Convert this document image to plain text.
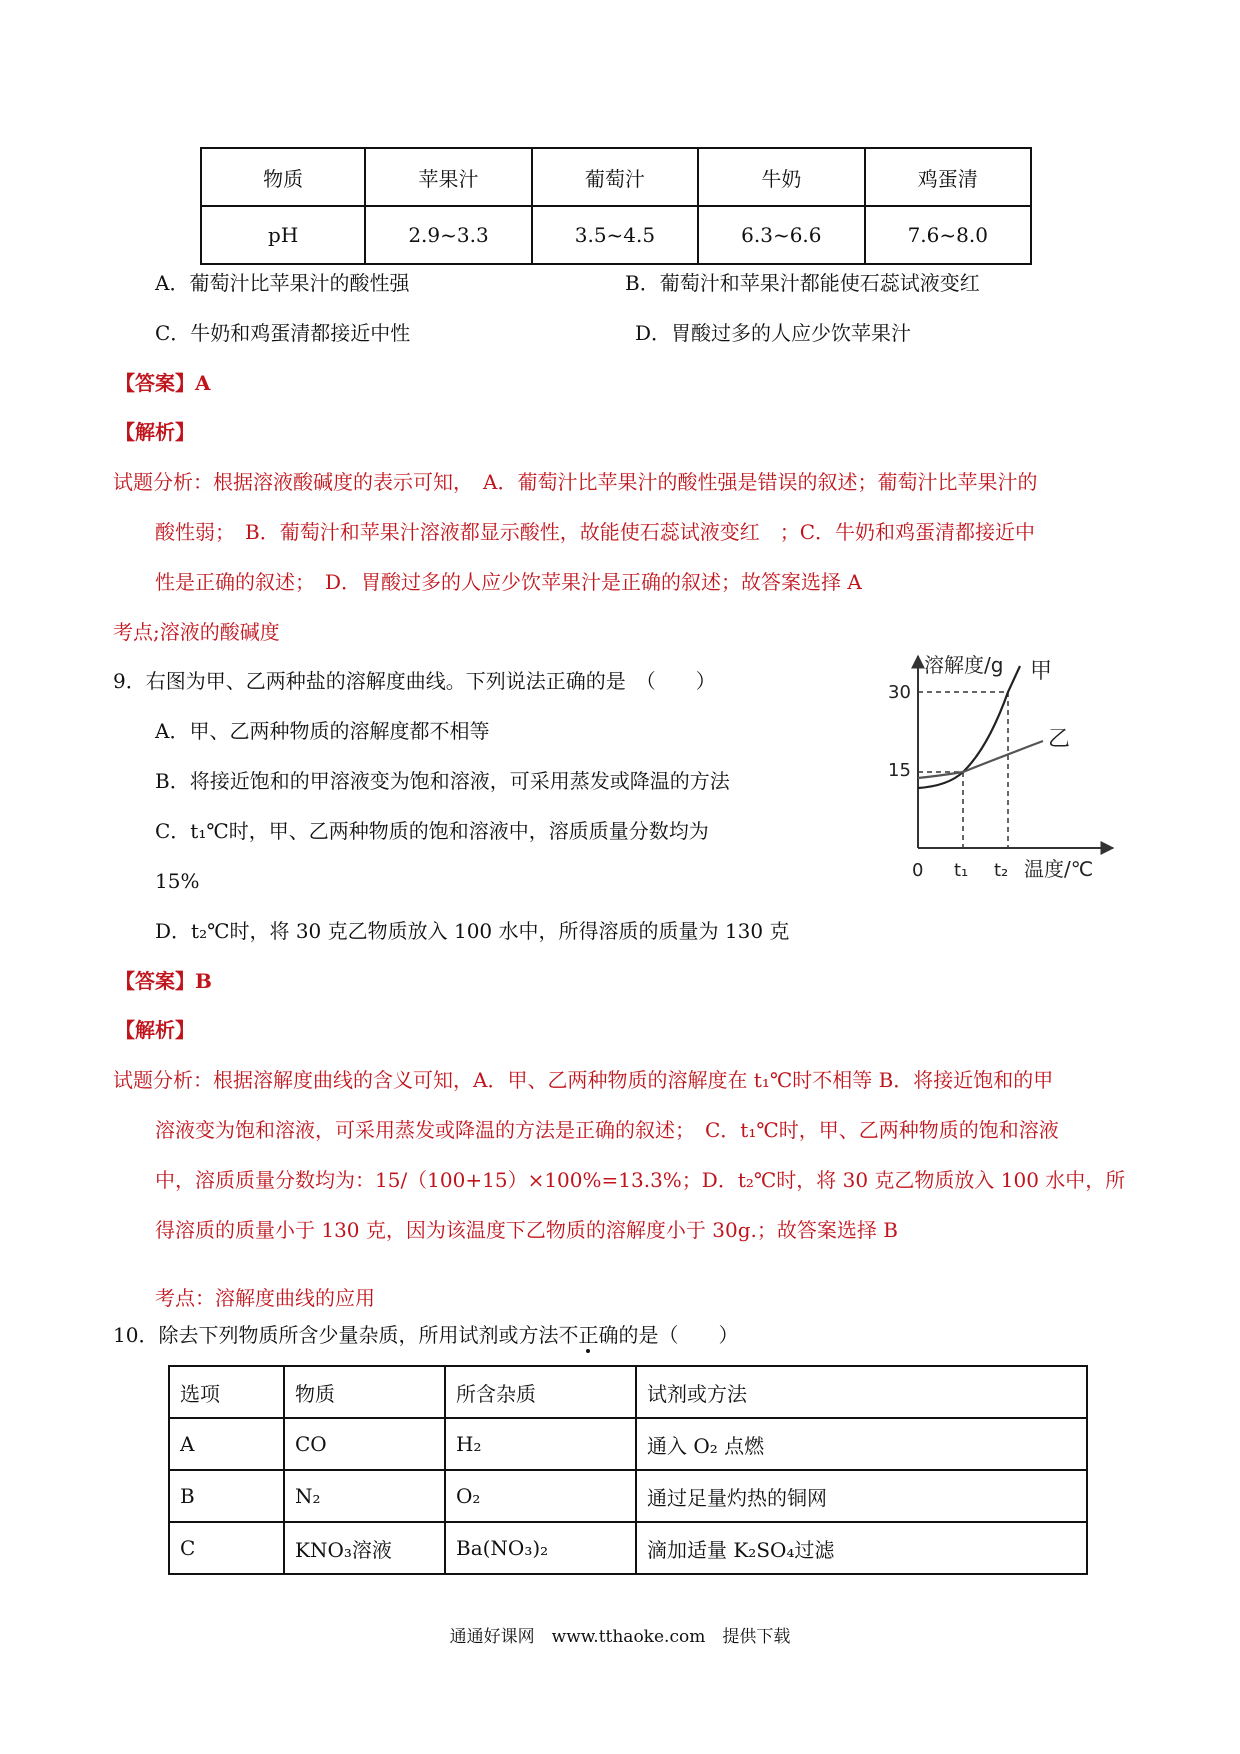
物质	苹果汁	葡萄汁	牛奶	鸡蛋清
pH	2.9~3.3	3.5~4.5	6.3~6.6	7.6~8.0
A．葡萄汁比苹果汁的酸性强	B．葡萄汁和苹果汁都能使石蕊试液变红
C．牛奶和鸡蛋清都接近中性	D．胃酸过多的人应少饮苹果汁
【答案】A
【解析】
试题分析：根据溶液酸碱度的表示可知，　A．葡萄汁比苹果汁的酸性强是错误的叙述；葡萄汁比苹果汁的
酸性弱；　B．葡萄汁和苹果汁溶液都显示酸性，故能使石蕊试液变红　；C．牛奶和鸡蛋清都接近中
性是正确的叙述；　D．胃酸过多的人应少饮苹果汁是正确的叙述；故答案选择 A
考点;溶液的酸碱度
9．右图为甲、乙两种盐的溶解度曲线。下列说法正确的是　（　　）
A．甲、乙两种物质的溶解度都不相等
B．将接近饱和的甲溶液变为饱和溶液，可采用蒸发或降温的方法
C．t₁℃时，甲、乙两种物质的饱和溶液中，溶质质量分数均为
15%
D．t₂℃时，将 30 克乙物质放入 100 水中，所得溶质的质量为 130 克
溶解度/g
温度/℃
30
15
0 t₁ t₂
甲
乙
【答案】B
【解析】
试题分析：根据溶解度曲线的含义可知，A．甲、乙两种物质的溶解度在 t₁℃时不相等 B．将接近饱和的甲
溶液变为饱和溶液，可采用蒸发或降温的方法是正确的叙述；　C．t₁℃时，甲、乙两种物质的饱和溶液
中，溶质质量分数均为：15/（100+15）×100%=13.3%；D．t₂℃时，将 30 克乙物质放入 100 水中，所
得溶质的质量小于 130 克，因为该温度下乙物质的溶解度小于 30g.；故答案选择 B
考点：溶解度曲线的应用
10．除去下列物质所含少量杂质，所用试剂或方法不正确的是（　　）
选项	物质	所含杂质	试剂或方法
A	CO	H₂	通入 O₂ 点燃
B	N₂	O₂	通过足量灼热的铜网
C	KNO₃溶液	Ba(NO₃)₂	滴加适量 K₂SO₄过滤
通通好课网　www.tthaoke.com　提供下载
